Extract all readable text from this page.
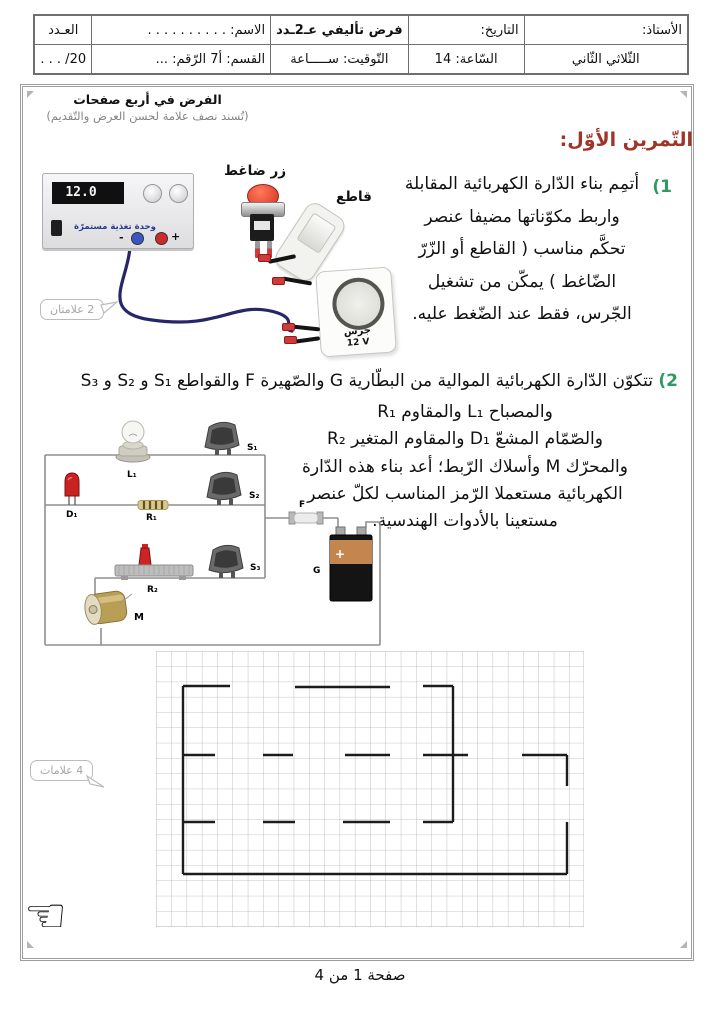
الأستاذ:	التاريخ:	فرض تأليفي عـ2ـدد	الاسم: . . . . . . . . . .	العـدد
الثّلاثي الثّاني	السّاعة: 14	التّوقيت: ســـــاعة	القسم: أ7 الرّقم: ...	20/ . . .
الفرض في أربع صفحات
(تُسند نصف علامة لحسن العرض والتّقديم)
التّمرين الأوّل:
(1
أتمِم بناء الدّارة الكهربائية المقابلة
واربط مكوّناتها مضيفا عنصر
تحكَّم مناسب ( القاطع أو الزّرّ
الضّاغط ) يمكّن من تشغيل
الجّرس، فقط عند الضّغط عليه.
12.0
وحدة تغذية مستمرّة
-	+
زر ضاغط
قاطع
جرس
12 V
2 علامتان
(2 تتكوّن الدّارة الكهربائية الموالية من البطّارية G والصّهيرة F والقواطع S₁ و S₂ و S₃
والمصباح L₁ والمقاوم R₁
والصّمّام المشعّ D₁ والمقاوم المتغير R₂
والمحرّك M وأسلاك الرّبط؛ أعد بناء هذه الدّارة
الكهربائية مستعملا الرّمز المناسب لكلّ عنصر
مستعينا بالأدوات الهندسية.
L₁
S₁
D₁	R₁
S₂
F
+
G
S₃
R₂
M
4 علامات
☜
صفحة 1 من 4
